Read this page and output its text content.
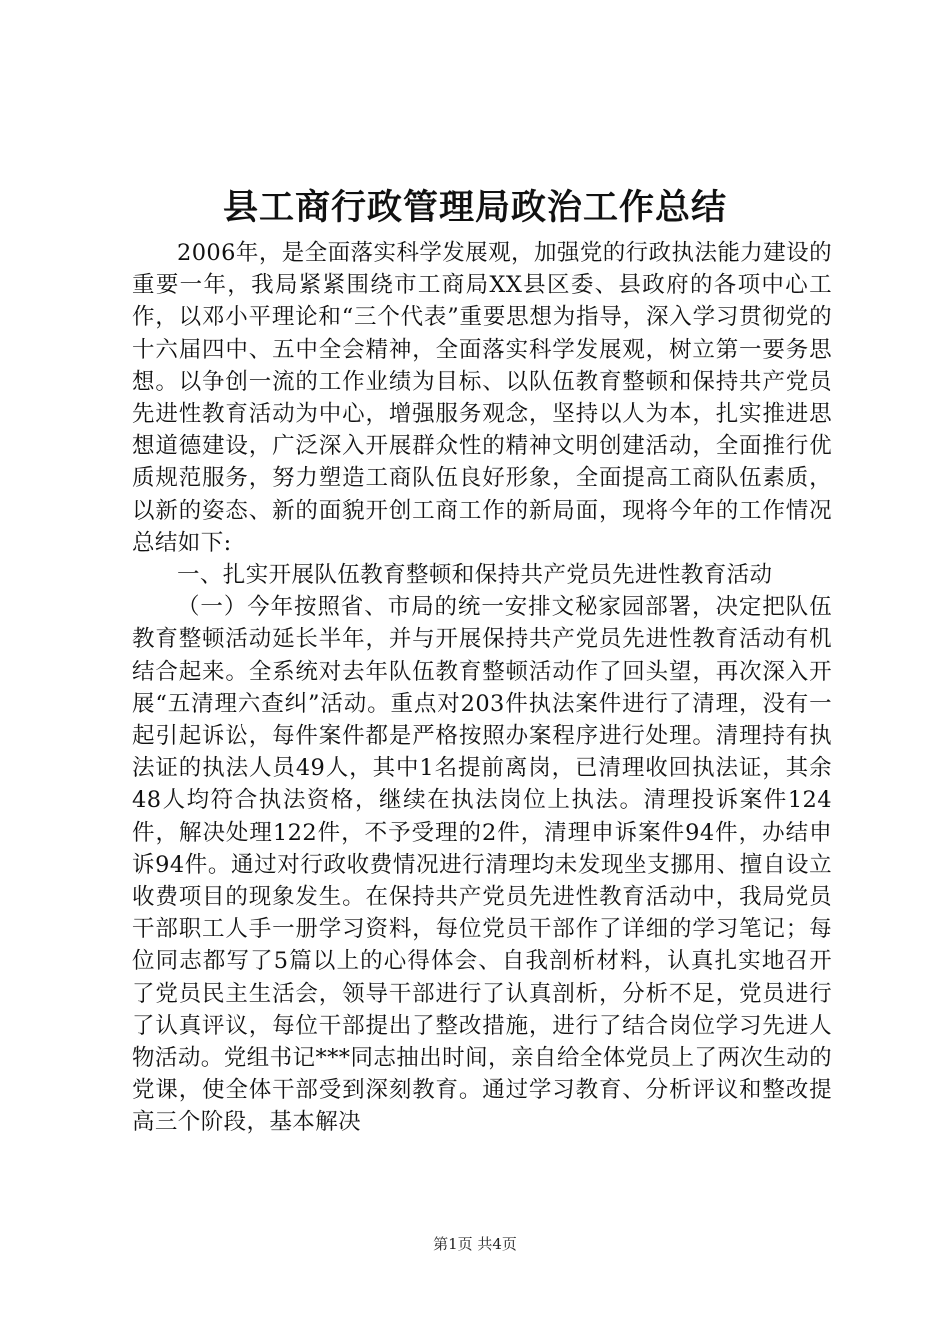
县工商行政管理局政治工作总结

2006年，是全面落实科学发展观，加强党的行政执法能力建设的重要一年，我局紧紧围绕市工商局XX县区委、县政府的各项中心工作，以邓小平理论和“三个代表”重要思想为指导，深入学习贯彻党的十六届四中、五中全会精神，全面落实科学发展观，树立第一要务思想。以争创一流的工作业绩为目标、以队伍教育整顿和保持共产党员先进性教育活动为中心，增强服务观念，坚持以人为本，扎实推进思想道德建设，广泛深入开展群众性的精神文明创建活动，全面推行优质规范服务，努力塑造工商队伍良好形象，全面提高工商队伍素质，以新的姿态、新的面貌开创工商工作的新局面，现将今年的工作情况总结如下:

一、扎实开展队伍教育整顿和保持共产党员先进性教育活动

（一）今年按照省、市局的统一安排文秘家园部署，决定把队伍教育整顿活动延长半年，并与开展保持共产党员先进性教育活动有机结合起来。全系统对去年队伍教育整顿活动作了回头望，再次深入开展“五清理六查纠”活动。重点对203件执法案件进行了清理，没有一起引起诉讼，每件案件都是严格按照办案程序进行处理。清理持有执法证的执法人员49人，其中1名提前离岗，已清理收回执法证，其余48人均符合执法资格，继续在执法岗位上执法。清理投诉案件124件，解决处理122件，不予受理的2件，清理申诉案件94件，办结申诉94件。通过对行政收费情况进行清理均未发现坐支挪用、擅自设立收费项目的现象发生。在保持共产党员先进性教育活动中，我局党员干部职工人手一册学习资料，每位党员干部作了详细的学习笔记；每位同志都写了5篇以上的心得体会、自我剖析材料，认真扎实地召开了党员民主生活会，领导干部进行了认真剖析，分析不足，党员进行了认真评议，每位干部提出了整改措施，进行了结合岗位学习先进人物活动。党组书记***同志抽出时间，亲自给全体党员上了两次生动的党课，使全体干部受到深刻教育。通过学习教育、分析评议和整改提高三个阶段，基本解决

第1页 共4页
